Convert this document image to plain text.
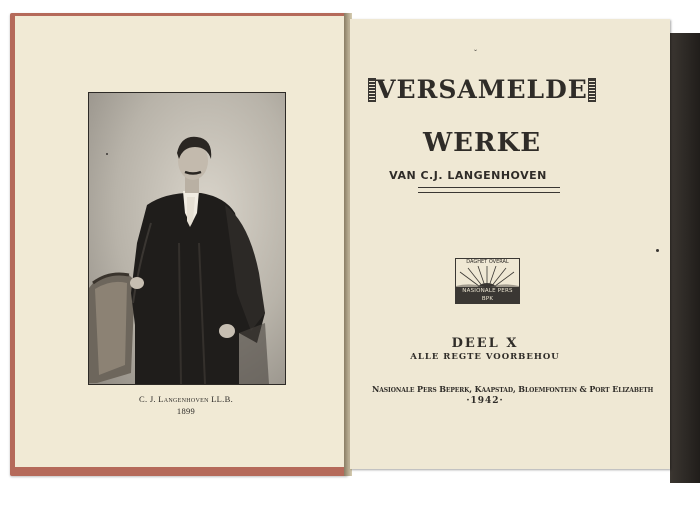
C. J. Langenhoven LL.B.
1899
ˇ
VERSAMELDE
WERKE
VAN C.J. LANGENHOVEN
DAGHET OVERAL
NASIONALE PERS BPK
DEEL X
ALLE REGTE VOORBEHOU
Nasionale Pers Beperk, Kaapstad, Bloemfontein & Port Elizabeth
·1942·
